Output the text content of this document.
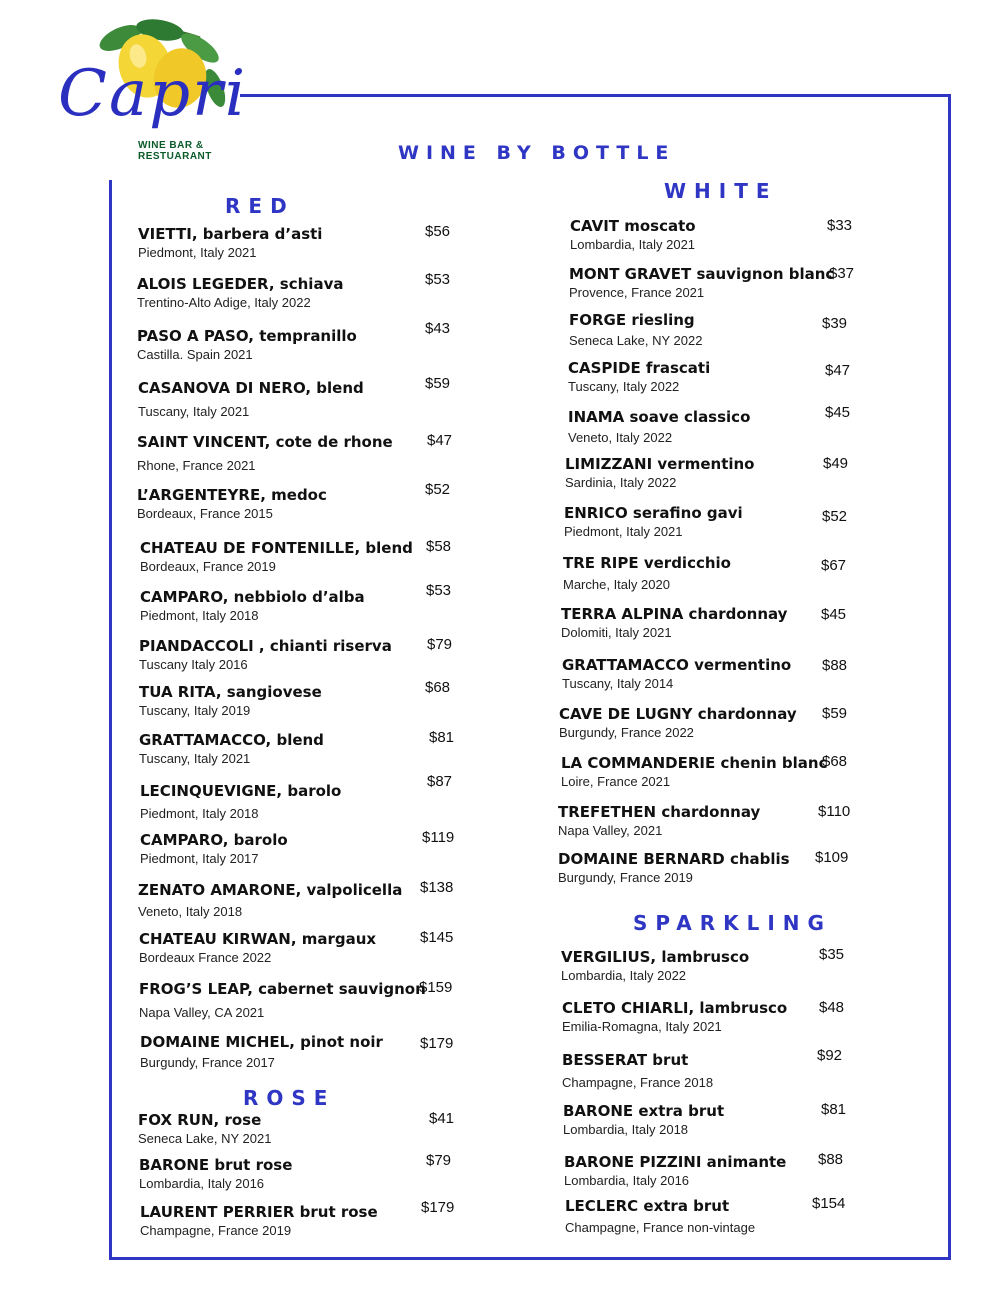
Capri
WINE BAR &
RESTUARANT	WINE BY BOTTLE
RED
VIETTI, barbera d’asti
Piedmont, Italy 2021
$56
ALOIS LEGEDER, schiava
Trentino-Alto Adige, Italy 2022
$53
PASO A PASO, tempranillo
Castilla. Spain 2021
$43
CASANOVA DI NERO, blend
Tuscany, Italy 2021
$59
SAINT VINCENT, cote de rhone
Rhone, France 2021
$47
L’ARGENTEYRE, medoc
Bordeaux, France 2015
$52
CHATEAU DE FONTENILLE, blend
Bordeaux, France 2019
$58
CAMPARO, nebbiolo d’alba
Piedmont, Italy 2018
$53
PIANDACCOLI , chianti riserva
Tuscany Italy 2016
$79
TUA RITA, sangiovese
Tuscany, Italy 2019
$68
GRATTAMACCO, blend
Tuscany, Italy 2021
$81
LECINQUEVIGNE, barolo
Piedmont, Italy 2018
$87
CAMPARO, barolo
Piedmont, Italy 2017
$119
ZENATO AMARONE, valpolicella
Veneto, Italy 2018
$138
CHATEAU KIRWAN, margaux
Bordeaux France 2022
$145
FROG’S LEAP, cabernet sauvignon
Napa Valley, CA 2021
$159
DOMAINE MICHEL, pinot noir
Burgundy, France 2017
$179
ROSE
FOX RUN, rose
Seneca Lake, NY 2021
$41
BARONE brut rose
Lombardia, Italy 2016
$79
LAURENT PERRIER brut rose
Champagne, France 2019
$179
WHITE
CAVIT moscato
Lombardia, Italy 2021
$33
MONT GRAVET sauvignon blanc
Provence, France 2021
$37
FORGE riesling
Seneca Lake, NY 2022
$39
CASPIDE frascati
Tuscany, Italy 2022
$47
INAMA soave classico
Veneto, Italy 2022
$45
LIMIZZANI vermentino
Sardinia, Italy 2022
$49
ENRICO serafino gavi
Piedmont, Italy 2021
$52
TRE RIPE verdicchio
Marche, Italy 2020
$67
TERRA ALPINA chardonnay
Dolomiti, Italy 2021
$45
GRATTAMACCO vermentino
Tuscany, Italy 2014
$88
CAVE DE LUGNY chardonnay
Burgundy, France 2022
$59
LA COMMANDERIE chenin blanc
Loire, France 2021
$68
TREFETHEN chardonnay
Napa Valley, 2021
$110
DOMAINE BERNARD chablis
Burgundy, France 2019
$109
SPARKLING
VERGILIUS, lambrusco
Lombardia, Italy 2022
$35
CLETO CHIARLI, lambrusco
Emilia-Romagna, Italy 2021
$48
BESSERAT brut
Champagne, France 2018
$92
BARONE extra brut
Lombardia, Italy 2018
$81
BARONE PIZZINI animante
Lombardia, Italy 2016
$88
LECLERC extra brut
Champagne, France non-vintage
$154
